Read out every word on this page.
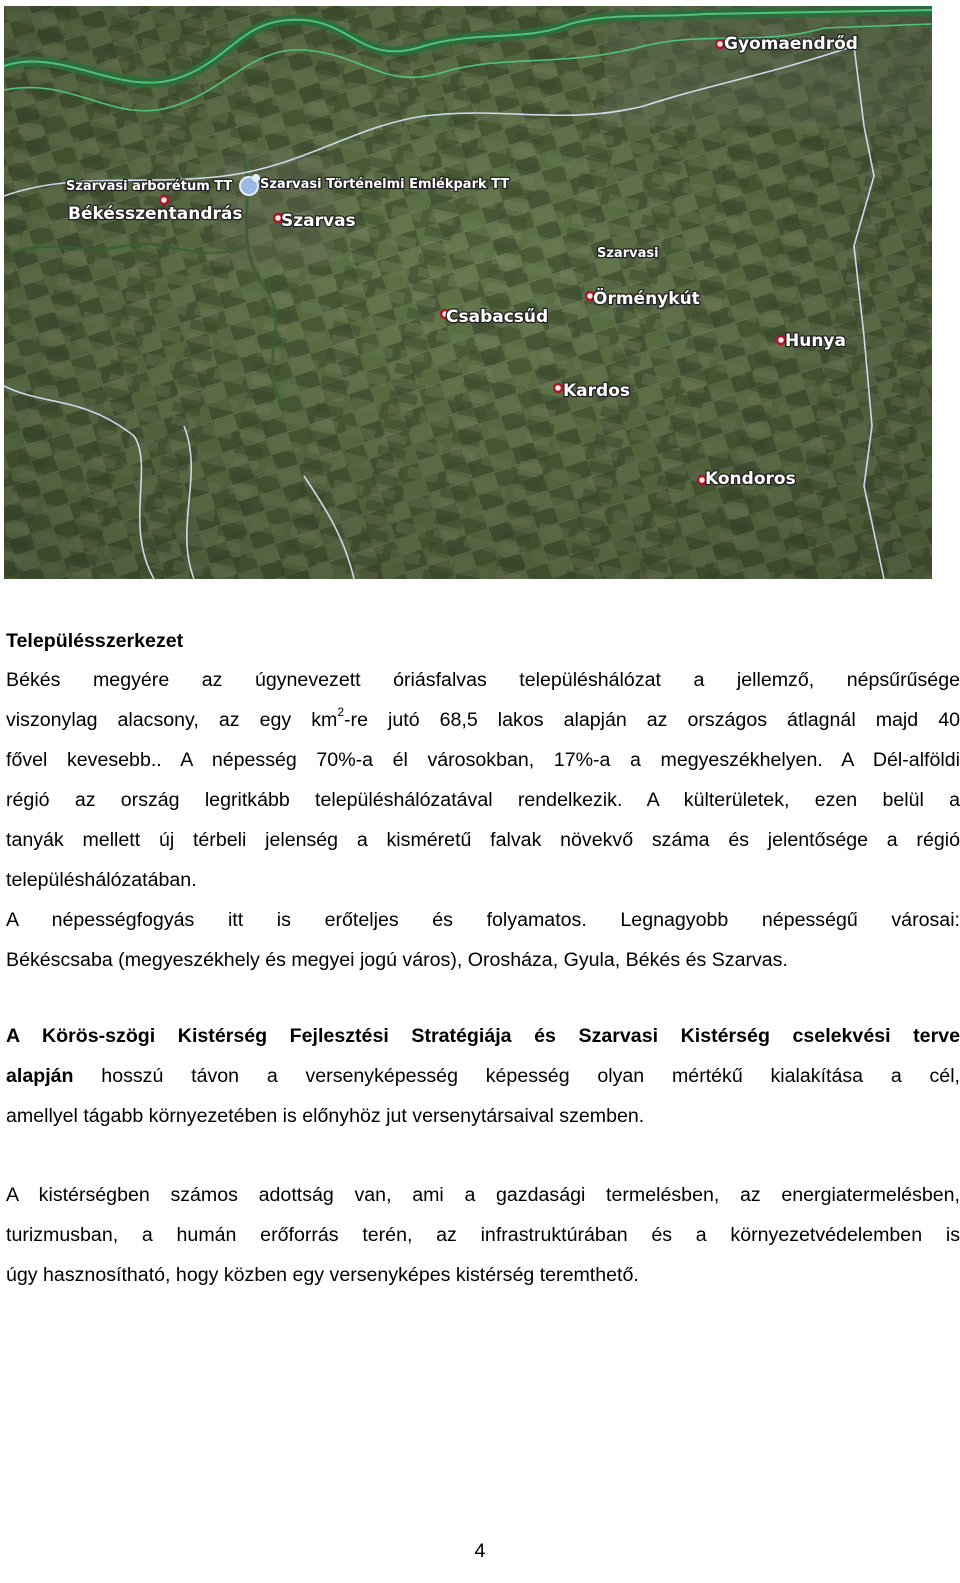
Gyomaendrőd
Szarvasi arborétum TT Szarvasi Történelmi Emlékpark TT
Békésszentandrás Szarvas
Szarvasi
Örménykút
Csabacsűd
Hunya
Kardos
Kondoros
Településszerkezet
Békés megyére az úgynevezett óriásfalvas településhálózat a jellemző, népsűrűsége
viszonylag alacsony, az egy $km^2-re$ jutó 68,5 lakos alapján az országos átlagnál majd 40
fővel kevesebb.. A népesség 70%-a él városokban, 17%-a a megyeszékhelyen. A Dél-alföldi
régió az ország legritkább településhálózatával rendelkezik. A külterületek, ezen belül a
tanyák mellett új térbeli jelenség a kisméretű falvak növekvő száma és jelentősége a régió
településhálózatában.
A népességfogyás itt is erőteljes és folyamatos. Legnagyobb népességű városai:
Békéscsaba (megyeszékhely és megyei jogú város), Orosháza, Gyula, Békés és Szarvas.
A Körös-szögi Kistérség Fejlesztési Stratégiája és Szarvasi Kistérség cselekvési terve
alapján hosszú távon a versenyképesség képesség olyan mértékű kialakítása a cél,
amellyel tágabb környezetében is előnyhöz jut versenytársaival szemben.
A kistérségben számos adottság van, ami a gazdasági termelésben, az energiatermelésben,
turizmusban, a humán erőforrás terén, az infrastruktúrában és a környezetvédelemben is
úgy hasznosítható, hogy közben egy versenyképes kistérség teremthető.
4
